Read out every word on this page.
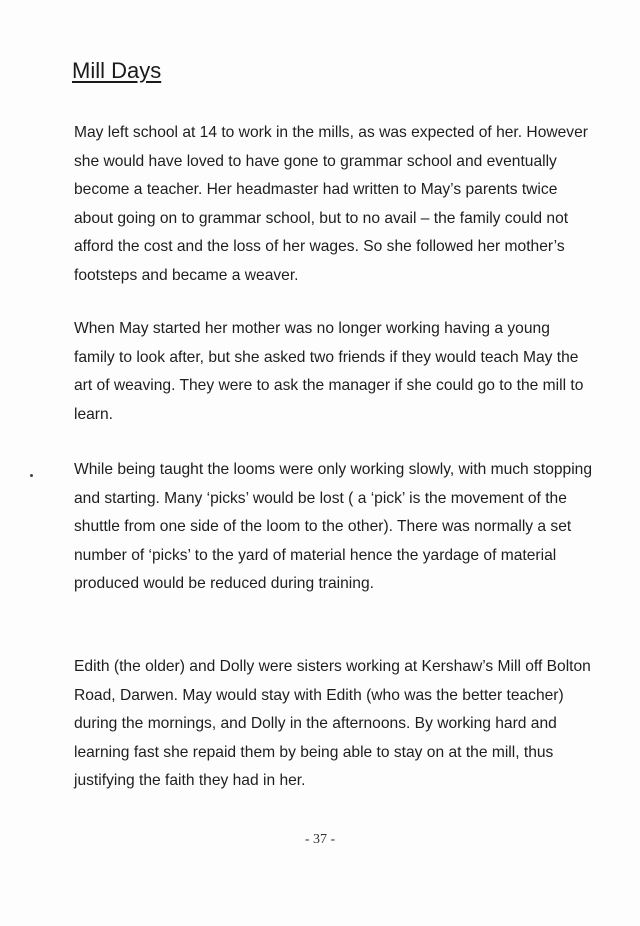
Mill Days

May left school at 14 to work in the mills, as was expected of her. However she would have loved to have gone to grammar school and eventually become a teacher. Her headmaster had written to May’s parents twice about going on to grammar school, but to no avail – the family could not afford the cost and the loss of her wages. So she followed her mother’s footsteps and became a weaver.

When May started her mother was no longer working having a young family to look after, but she asked two friends if they would teach May the art of weaving. They were to ask the manager if she could go to the mill to learn.

While being taught the looms were only working slowly, with much stopping and starting. Many ‘picks’ would be lost ( a ‘pick’ is the movement of the shuttle from one side of the loom to the other). There was normally a set number of ‘picks’ to the yard of material hence the yardage of material produced would be reduced during training.

Edith (the older) and Dolly were sisters working at Kershaw’s Mill off Bolton Road, Darwen. May would stay with Edith (who was the better teacher) during the mornings, and Dolly in the afternoons. By working hard and learning fast she repaid them by being able to stay on at the mill, thus justifying the faith they had in her.

- 37 -
